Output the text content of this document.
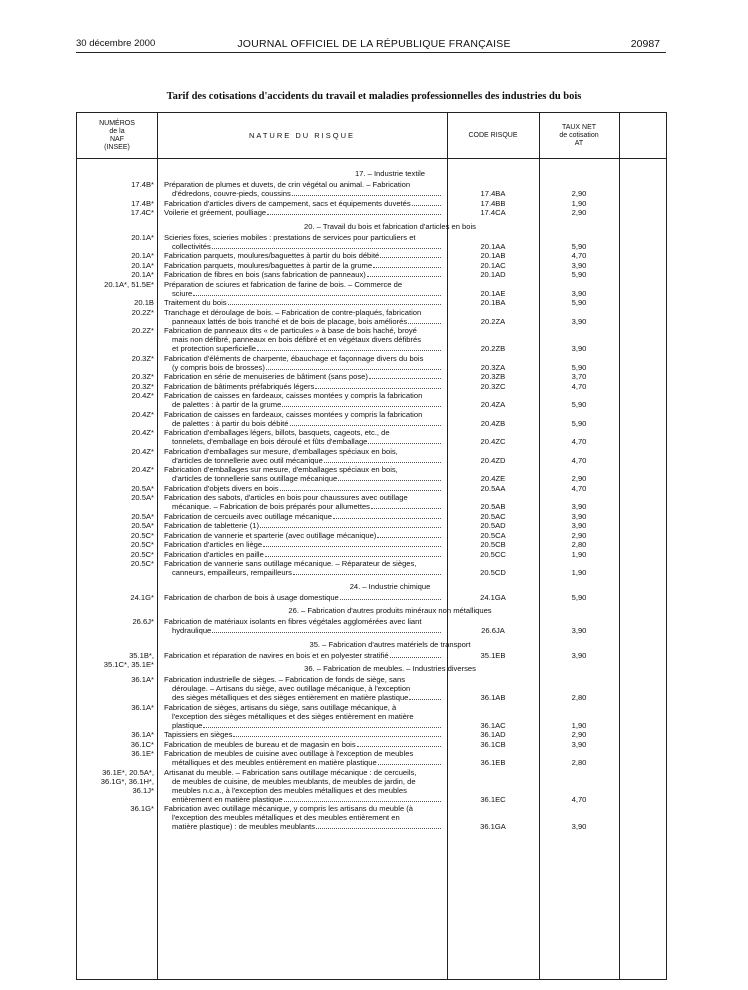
30 décembre 2000	JOURNAL OFFICIEL DE LA RÉPUBLIQUE FRANÇAISE	20987
Tarif des cotisations d'accidents du travail et maladies professionnelles des industries du bois
NUMÉROS
de la
NAF
(INSEE)
NATURE DU RISQUE	CODE RISQUE
TAUX NET
de cotisation
AT
17. – Industrie textile
17.4B* Préparation de plumes et duvets, de crin végétal ou animal. – Fabrication
d'édredons, couvre-pieds, coussins	17.4BA	2,90
17.4B* Fabrication d'articles divers de campement, sacs et équipements duvetés	17.4BB	1,90
17.4C* Voilerie et gréement, poulliage	17.4CA	2,90
20. – Travail du bois et fabrication d'articles en bois
20.1A* Scieries fixes, scieries mobiles : prestations de services pour particuliers et
collectivités	20.1AA	5,90
20.1A* Fabrication parquets, moulures/baguettes à partir du bois débité	20.1AB	4,70
20.1A* Fabrication parquets, moulures/baguettes à partir de la grume	20.1AC	3,90
20.1A* Fabrication de fibres en bois (sans fabrication de panneaux)	20.1AD	5,90
20.1A*, 51.5E* Préparation de sciures et fabrication de farine de bois. – Commerce de
sciure	20.1AE	3,90
20.1B Traitement du bois	20.1BA	5,90
20.2Z* Tranchage et déroulage de bois. – Fabrication de contre-plaqués, fabrication
panneaux lattés de bois tranché et de bois de placage, bois améliorés	20.2ZA	3,90
20.2Z* Fabrication de panneaux dits « de particules » à base de bois haché, broyé
mais non défibré, panneaux en bois défibré et en végétaux divers défibrés
et protection superficielle	20.2ZB	3,90
20.3Z* Fabrication d'éléments de charpente, ébauchage et façonnage divers du bois
(y compris bois de brosses)	20.3ZA	5,90
20.3Z* Fabrication en série de menuiseries de bâtiment (sans pose)	20.3ZB	3,70
20.3Z* Fabrication de bâtiments préfabriqués légers	20.3ZC	4,70
20.4Z* Fabrication de caisses en fardeaux, caisses montées y compris la fabrication
de palettes : à partir de la grume	20.4ZA	5,90
20.4Z* Fabrication de caisses en fardeaux, caisses montées y compris la fabrication
de palettes : à partir du bois débité	20.4ZB	5,90
20.4Z* Fabrication d'emballages légers, billots, basquets, cageots, etc., de
tonnelets, d'emballage en bois déroulé et fûts d'emballage	20.4ZC	4,70
20.4Z* Fabrication d'emballages sur mesure, d'emballages spéciaux en bois,
d'articles de tonnellerie avec outil mécanique	20.4ZD	4,70
20.4Z* Fabrication d'emballages sur mesure, d'emballages spéciaux en bois,
d'articles de tonnellerie sans outillage mécanique	20.4ZE	2,90
20.5A* Fabrication d'objets divers en bois	20.5AA	4,70
20.5A* Fabrication des sabots, d'articles en bois pour chaussures avec outillage
mécanique. – Fabrication de bois préparés pour allumettes	20.5AB	3,90
20.5A* Fabrication de cercueils avec outillage mécanique	20.5AC	3,90
20.5A* Fabrication de tabletterie (1)	20.5AD	3,90
20.5C* Fabrication de vannerie et sparterie (avec outillage mécanique)	20.5CA	2,90
20.5C* Fabrication d'articles en liège	20.5CB	2,80
20.5C* Fabrication d'articles en paille	20.5CC	1,90
20.5C* Fabrication de vannerie sans outillage mécanique. – Réparateur de sièges,
canneurs, empailleurs, rempailleurs	20.5CD	1,90
24. – Industrie chimique
24.1G* Fabrication de charbon de bois à usage domestique	24.1GA	5,90
26. – Fabrication d'autres produits minéraux non métalliques
26.6J* Fabrication de matériaux isolants en fibres végétales agglomérées avec liant
hydraulique	26.6JA	3,90
35. – Fabrication d'autres matériels de transport
35.1B*,
35.1C*, 35.1E*
Fabrication et réparation de navires en bois et en polyester stratifié	35.1EB	3,90
36. – Fabrication de meubles. – Industries diverses
36.1A* Fabrication industrielle de sièges. – Fabrication de fonds de siège, sans
déroulage. – Artisans du siège, avec outillage mécanique, à l'exception
des sièges métalliques et des sièges entièrement en matière plastique	36.1AB	2,80
36.1A* Fabrication de sièges, artisans du siège, sans outillage mécanique, à
l'exception des sièges métalliques et des sièges entièrement en matière
plastique	36.1AC	1,90
36.1A* Tapissiers en sièges	36.1AD	2,90
36.1C* Fabrication de meubles de bureau et de magasin en bois	36.1CB	3,90
36.1E* Fabrication de meubles de cuisine avec outillage à l'exception de meubles
métalliques et des meubles entièrement en matière plastique	36.1EB	2,80
36.1E*, 20.5A*,
36.1G*, 36.1H*,
36.1J*
Artisanat du meuble. – Fabrication sans outillage mécanique : de cercueils,
de meubles de cuisine, de meubles meublants, de meubles de jardin, de
meubles n.c.a., à l'exception des meubles métalliques et des meubles
entièrement en matière plastique	36.1EC	4,70
36.1G* Fabrication avec outillage mécanique, y compris les artisans du meuble (à
l'exception des meubles métalliques et des meubles entièrement en
matière plastique) : de meubles meublants	36.1GA	3,90
